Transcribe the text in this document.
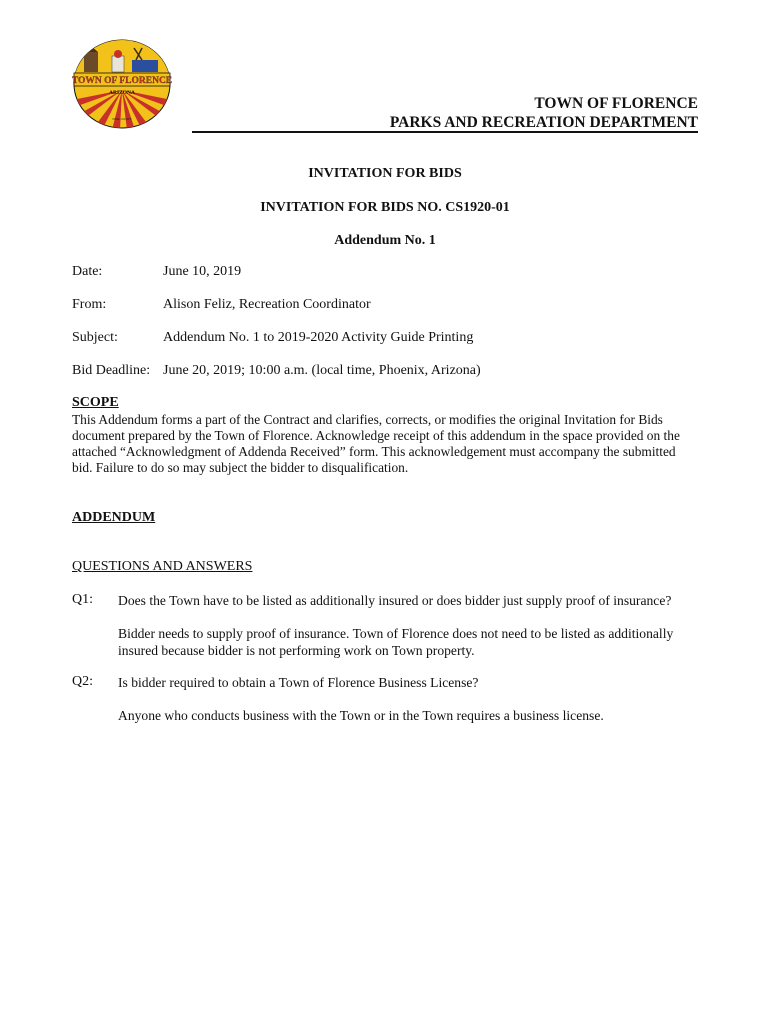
TOWN OF FLORENCE
ARIZONA
PINAL COUNTY
TOWN OF FLORENCE
PARKS AND RECREATION DEPARTMENT
INVITATION FOR BIDS
INVITATION FOR BIDS NO. CS1920-01
Addendum No. 1
Date:	June 10, 2019
From:	Alison Feliz, Recreation Coordinator
Subject:	Addendum No. 1 to 2019-2020 Activity Guide Printing
Bid Deadline: June 20, 2019; 10:00 a.m. (local time, Phoenix, Arizona)
SCOPE
This Addendum forms a part of the Contract and clarifies, corrects, or modifies the original Invitation for Bids document prepared by the Town of Florence. Acknowledge receipt of this addendum in the space provided on the attached “Acknowledgment of Addenda Received” form. This acknowledgement must accompany the submitted bid. Failure to do so may subject the bidder to disqualification.
ADDENDUM
QUESTIONS AND ANSWERS
Q1: Does the Town have to be listed as additionally insured or does bidder just supply proof of insurance?
Bidder needs to supply proof of insurance. Town of Florence does not need to be listed as additionally insured because bidder is not performing work on Town property.
Q2: Is bidder required to obtain a Town of Florence Business License?
Anyone who conducts business with the Town or in the Town requires a business license.
